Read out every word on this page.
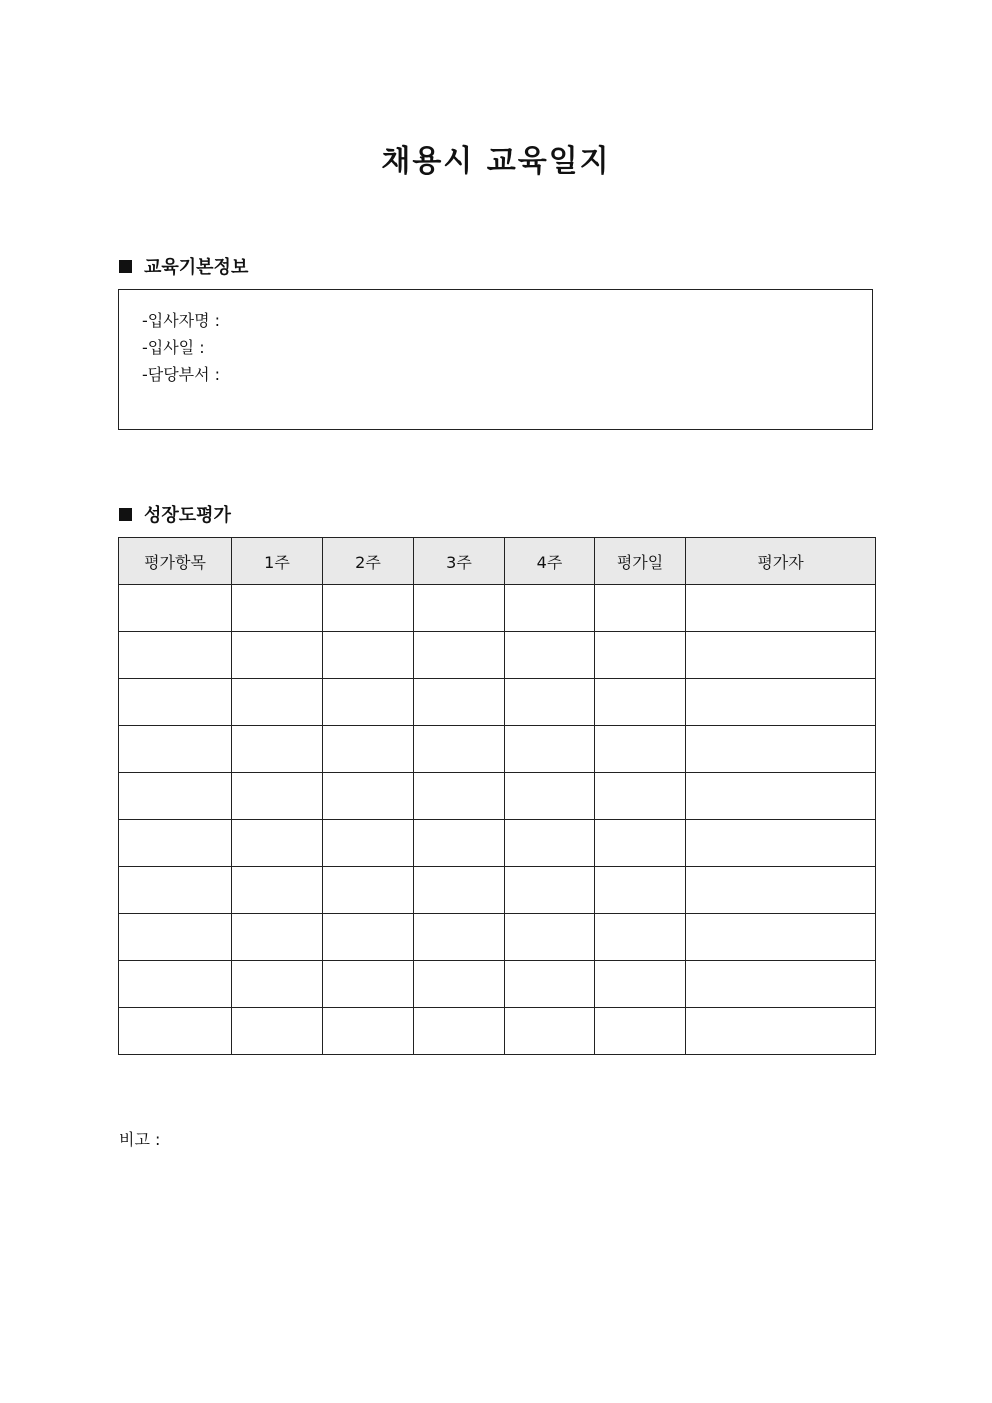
채용시 교육일지
교육기본정보
-입사자명 :
-입사일 :
-담당부서 :
성장도평가
평가항목	1주	2주	3주	4주	평가일	평가자

비고 :
